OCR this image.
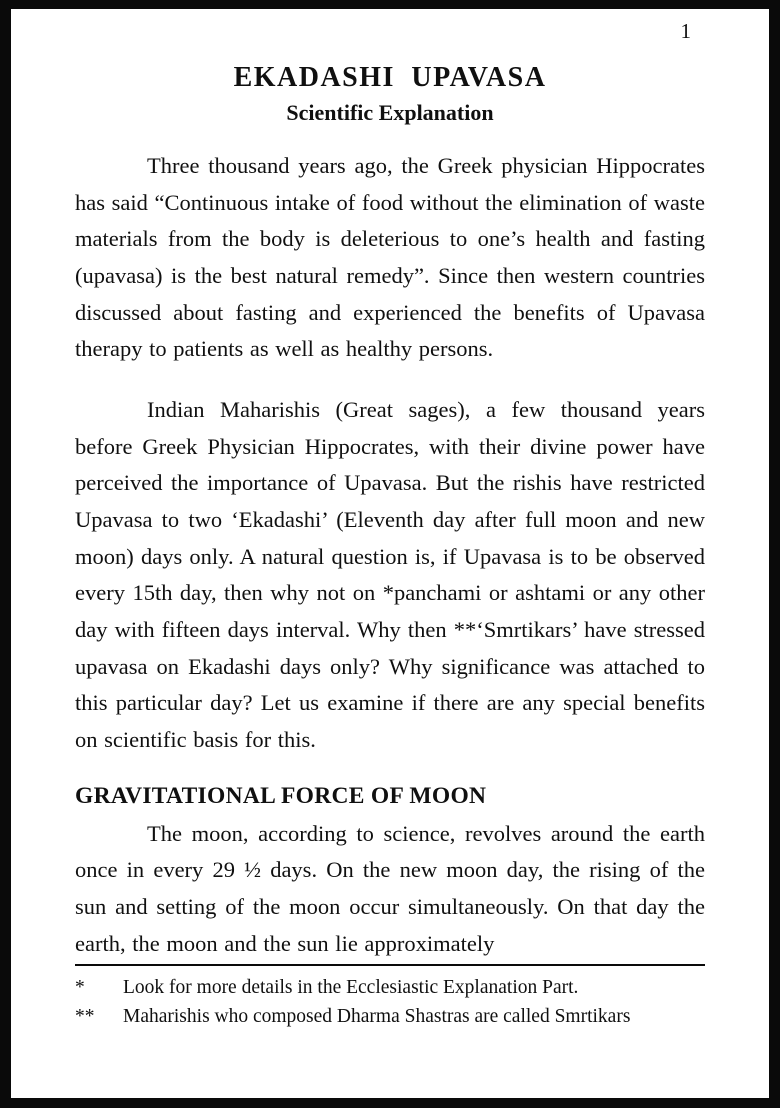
1
EKADASHI UPAVASA
Scientific Explanation

Three thousand years ago, the Greek physician Hippocrates has said “Continuous intake of food without the elimination of waste materials from the body is deleterious to one’s health and fasting (upavasa) is the best natural remedy”. Since then western countries discussed about fasting and experienced the benefits of Upavasa therapy to patients as well as healthy persons.

Indian Maharishis (Great sages), a few thousand years before Greek Physician Hippocrates, with their divine power have perceived the importance of Upavasa. But the rishis have restricted Upavasa to two ‘Ekadashi’ (Eleventh day after full moon and new moon) days only. A natural question is, if Upavasa is to be observed every 15th day, then why not on *panchami or ashtami or any other day with fifteen days interval. Why then **‘Smrtikars’ have stressed upavasa on Ekadashi days only? Why significance was attached to this particular day? Let us examine if there are any special benefits on scientific basis for this.

GRAVITATIONAL FORCE OF MOON

The moon, according to science, revolves around the earth once in every 29 ½ days. On the new moon day, the rising of the sun and setting of the moon occur simultaneously. On that day the earth, the moon and the sun lie approximately

*	Look for more details in the Ecclesiastic Explanation Part.
**	Maharishis who composed Dharma Shastras are called Smrtikars
